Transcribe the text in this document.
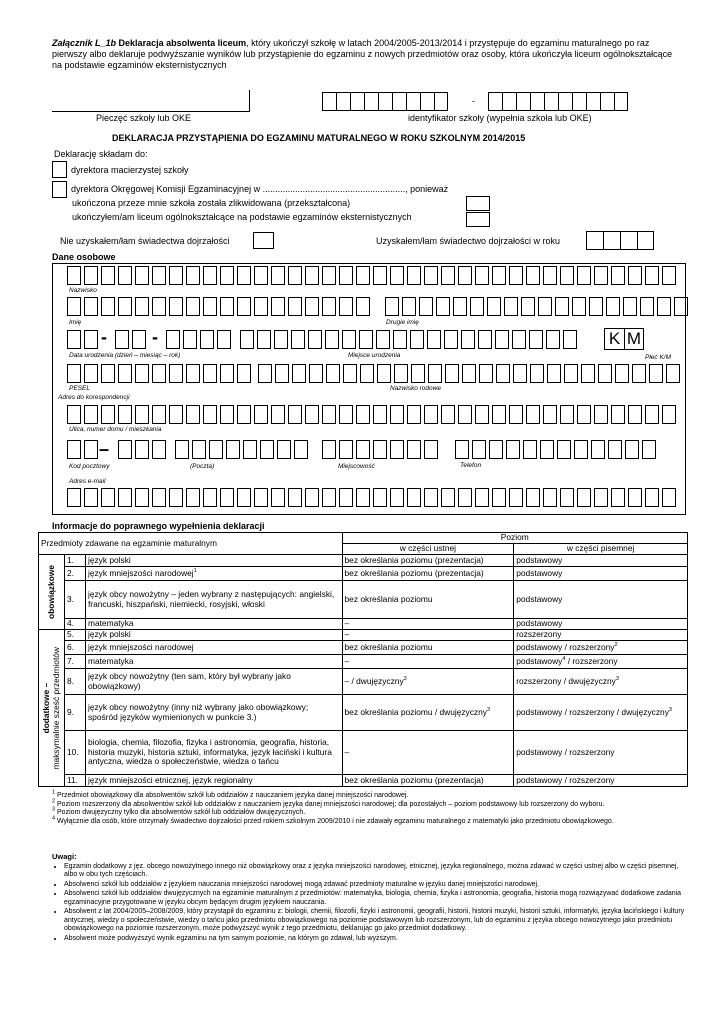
Załącznik L_1b Deklaracja absolwenta liceum, który ukończył szkołę w latach 2004/2005-2013/2014 i przystępuje do egzaminu maturalnego po raz pierwszy albo deklaruje podwyższanie wyników lub przystąpienie do egzaminu z nowych przedmiotów oraz osoby, która ukończyła liceum ogólnokształcące na podstawie egzaminów eksternistycznych
Pieczęć szkoły lub OKE
-
identyfikator szkoły (wypełnia szkoła lub OKE)
DEKLARACJA PRZYSTĄPIENIA DO EGZAMINU MATURALNEGO W ROKU SZKOLNYM 2014/2015
Deklarację składam do:
dyrektora macierzystej szkoły
dyrektora Okręgowej Komisji Egzaminacyjnej w ........................................................., ponieważ
ukończona przeze mnie szkoła została zlikwidowana (przekształcona)
ukończyłem/am liceum ogólnokształcące na podstawie egzaminów eksternistycznych
Nie uzyskałem/łam świadectwa dojrzałości	Uzyskałem/łam świadectwo dojrzałości w roku
Dane osobowe
Nazwisko
Imię	Drugie imię
-	-	K M
Data urodzenia (dzień – miesiąc – rok)	Miejsce urodzenia	Płeć K/M
PESEL	Nazwisko rodowe
Adres do korespondencji
Ulica, numer domu / mieszkania
–
Kod pocztowy	(Poczta)	Miejscowość	Telefon
Adres e-mail
Informacje do poprawnego wypełnienia deklaracji
Przedmioty zdawane na egzaminie maturalnym			Poziom	
			w części ustnej	w części pisemnej

obowiązkowe	1.	język polski	bez określania poziomu (prezentacja)	podstawowy
	2.	język mniejszości narodowej$^1$	bez określania poziomu (prezentacja)	podstawowy
	3.	język obcy nowożytny – jeden wybrany z następujących: angielski, francuski, hiszpański, niemiecki, rosyjski, włoski	bez określania poziomu	podstawowy
	4.	matematyka	–	podstawowy

dodatkowe –
maksymalnie sześć przedmiotów	5.	język polski	–	rozszerzony
	6.	język mniejszości narodowej	bez określania poziomu	podstawowy / rozszerzony$^2$
	7.	matematyka	–	podstawowy$^4$ / rozszerzony
	8.	język obcy nowożytny (ten sam, który był wybrany jako obowiązkowy)	– / dwujęzyczny$^3$	rozszerzony / dwujęzyczny$^3$
	9.	język obcy nowożytny (inny niż wybrany jako obowiązkowy; spośród języków wymienionych w punkcie 3.)	bez określania poziomu / dwujęzyczny$^3$	podstawowy / rozszerzony / dwujęzyczny$^3$
	10.	biologia, chemia, filozofia, fizyka i astronomia, geografia, historia, historia muzyki, historia sztuki, informatyka, język łaciński i kultura antyczna, wiedza o społeczeństwie, wiedza o tańcu	–	podstawowy / rozszerzony
	11.	język mniejszości etnicznej, język regionalny	bez określania poziomu (prezentacja)	podstawowy / rozszerzony
$^1$ Przedmiot obowiązkowy dla absolwentów szkół lub oddziałów z nauczaniem języka danej mniejszości narodowej.
$^2$ Poziom rozszerzony dla absolwentów szkół lub oddziałów z nauczaniem języka danej mniejszości narodowej; dla pozostałych – poziom podstawowy lub rozszerzony do wyboru.
$^3$ Poziom dwujęzyczny tylko dla absolwentów szkół lub oddziałów dwujęzycznych.
$^4$ Wyłącznie dla osób, które otrzymały świadectwo dojrzałości przed rokiem szkolnym 2009/2010 i nie zdawały egzaminu maturalnego z matematyki jako przedmiotu obowiązkowego.
Uwagi:
• Egzamin dodatkowy z jęz. obcego nowożytnego innego niż obowiązkowy oraz z języka mniejszości narodowej, etnicznej, języka regionalnego, można zdawać w części ustnej albo w części pisemnej, albo w obu tych częściach.
• Absolwenci szkół lub oddziałów z językiem nauczania mniejszości narodowej mogą zdawać przedmioty maturalne w języku danej mniejszości narodowej.
• Absolwenci szkół lub oddziałów dwujęzycznych na egzaminie maturalnym z przedmiotów: matematyka, biologia, chemia, fizyka i astronomia, geografia, historia mogą rozwiązywać dodatkowe zadania egzaminacyjne przygotowane w języku obcym będącym drugim językiem nauczania.
• Absolwent z lat 2004/2005–2008/2009, który przystąpił do egzaminu z: biologii, chemii, filozofii, fizyki i astronomii, geografii, historii, historii muzyki, historii sztuki, informatyki, języka łacińskiego i kultury antycznej, wiedzy o społeczeństwie, wiedzy o tańcu jako przedmiotu obowiązkowego na poziomie podstawowym lub rozszerzonym, lub do egzaminu z języka obcego nowożytnego jako przedmiotu obowiązkowego na poziomie rozszerzonym, może podwyższyć wynik z tego przedmiotu, deklarując go jako przedmiot dodatkowy.
• Absolwent może podwyższyć wynik egzaminu na tym samym poziomie, na którym go zdawał, lub wyższym.
